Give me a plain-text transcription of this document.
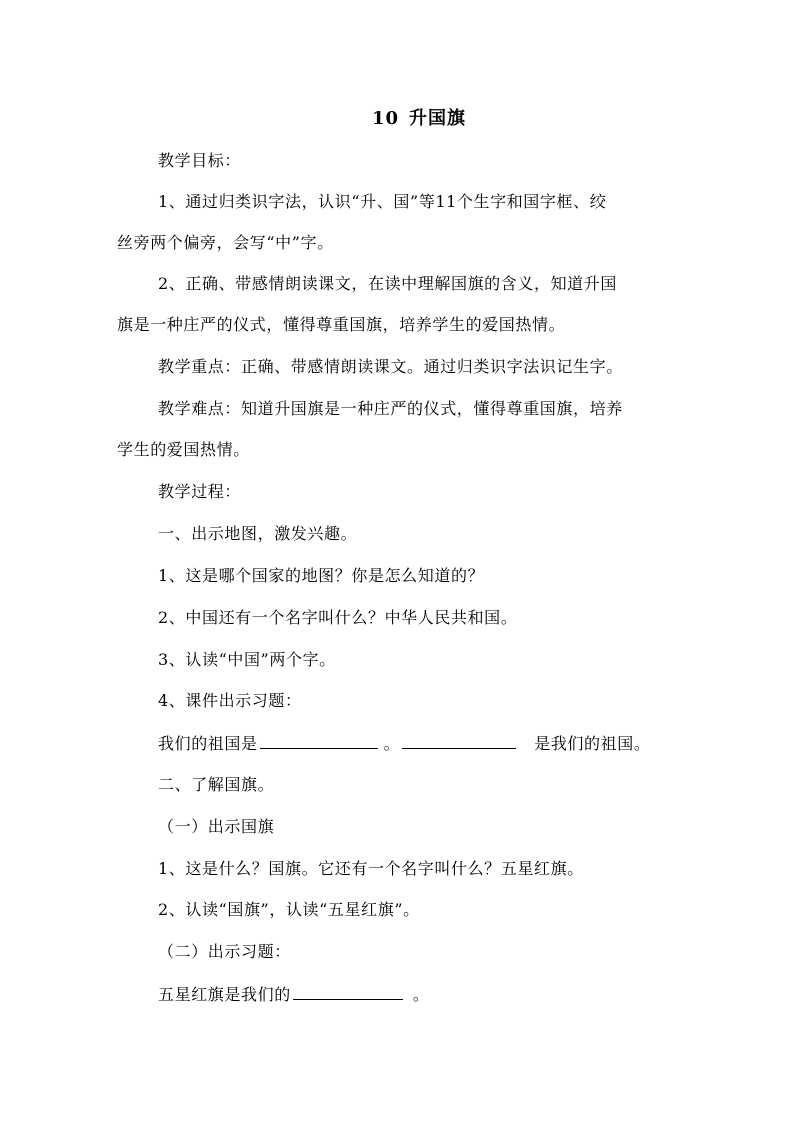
10 升国旗
教学目标：
1、通过归类识字法，认识“升、国”等11个生字和国字框、绞
丝旁两个偏旁，会写“中”字。
2、正确、带感情朗读课文，在读中理解国旗的含义，知道升国
旗是一种庄严的仪式，懂得尊重国旗，培养学生的爱国热情。
教学重点：正确、带感情朗读课文。通过归类识字法识记生字。
教学难点：知道升国旗是一种庄严的仪式，懂得尊重国旗，培养
学生的爱国热情。
教学过程：
一、出示地图，激发兴趣。
1、这是哪个国家的地图？你是怎么知道的？
2、中国还有一个名字叫什么？中华人民共和国。
3、认读“中国”两个字。
4、课件出示习题：
我们的祖国是	。	是我们的祖国。
二、了解国旗。
（一）出示国旗
1、这是什么？国旗。它还有一个名字叫什么？五星红旗。
2、认读“国旗”，认读“五星红旗”。
（二）出示习题：
五星红旗是我们的	。
